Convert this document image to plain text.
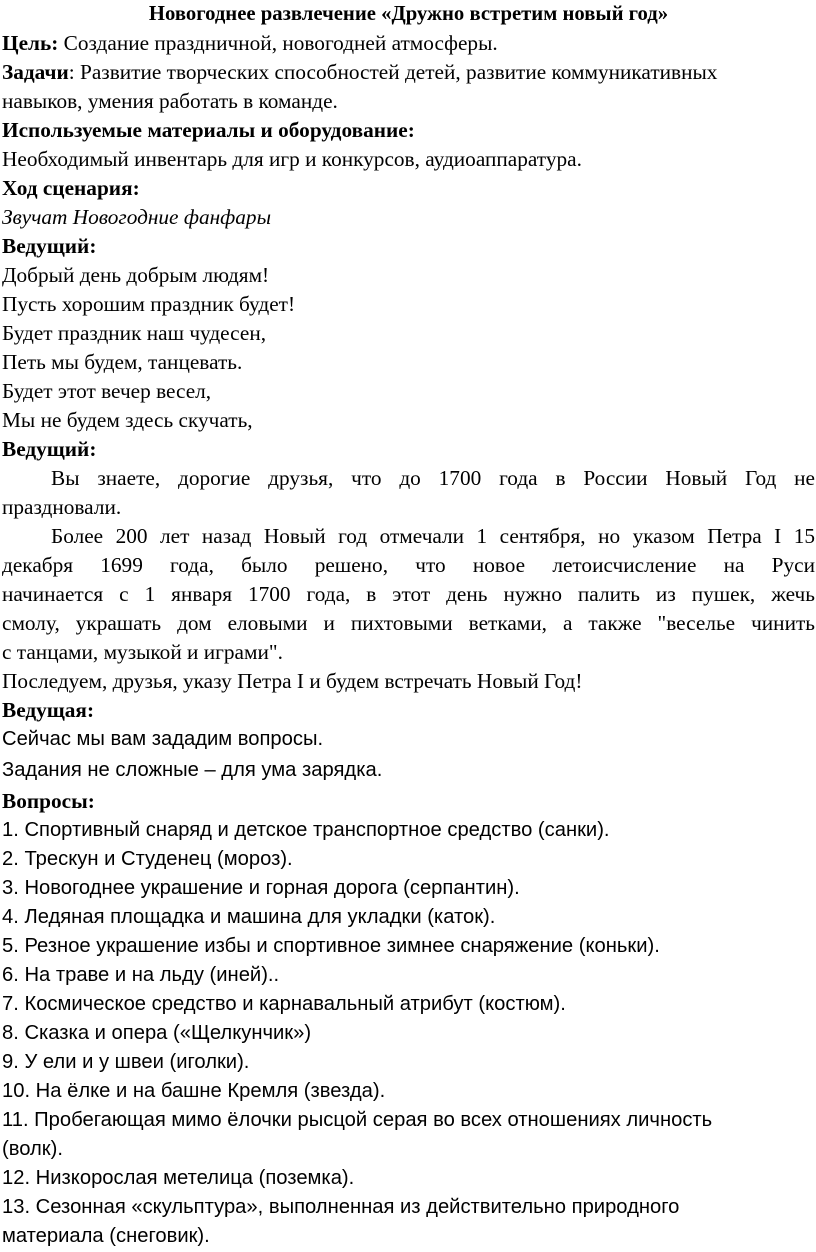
Новогоднее развлечение «Дружно встретим новый год»
Цель: Создание праздничной, новогодней атмосферы.
Задачи: Развитие творческих способностей детей, развитие коммуникативных
навыков, умения работать в команде.
Используемые материалы и оборудование:
Необходимый инвентарь для игр и конкурсов, аудиоаппаратура.
Ход сценария:
Звучат Новогодние фанфары
Ведущий:
Добрый день добрым людям!
Пусть хорошим праздник будет!
Будет праздник наш чудесен,
Петь мы будем, танцевать.
Будет этот вечер весел,
Мы не будем здесь скучать,
Ведущий:
Вы знаете, дорогие друзья, что до 1700 года в России Новый Год не
праздновали.
Более 200 лет назад Новый год отмечали 1 сентября, но указом Петра I 15
декабря 1699 года, было решено, что новое летоисчисление на Руси
начинается с 1 января 1700 года, в этот день нужно палить из пушек, жечь
смолу, украшать дом еловыми и пихтовыми ветками, а также "веселье чинить
с танцами, музыкой и играми".
Последуем, друзья, указу Петра I и будем встречать Новый Год!
Ведущая:
Сейчас мы вам зададим вопросы.
Задания не сложные – для ума зарядка.
Вопросы:
1. Спортивный снаряд и детское транспортное средство (санки).
2. Трескун и Студенец (мороз).
3. Новогоднее украшение и горная дорога (серпантин).
4. Ледяная площадка и машина для укладки (каток).
5. Резное украшение избы и спортивное зимнее снаряжение (коньки).
6. На траве и на льду (иней)..
7. Космическое средство и карнавальный атрибут (костюм).
8. Сказка и опера («Щелкунчик»)
9. У ели и у швеи (иголки).
10. На ёлке и на башне Кремля (звезда).
11. Пробегающая мимо ёлочки рысцой серая во всех отношениях личность
(волк).
12. Низкорослая метелица (поземка).
13. Сезонная «скульптура», выполненная из действительно природного
материала (снеговик).
